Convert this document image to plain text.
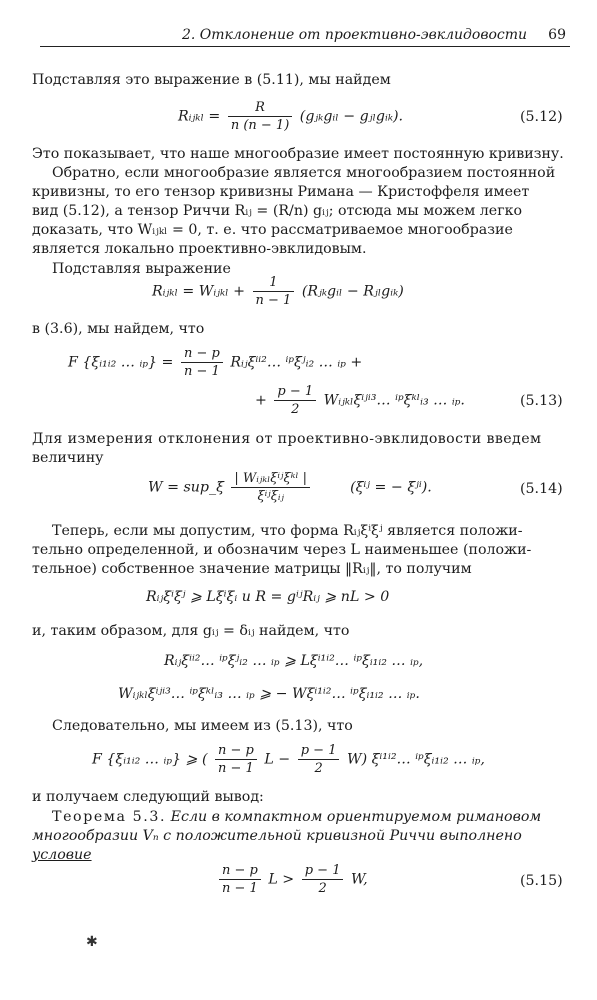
2. Отклонение от проективно-эвклидовости 69
Подставляя это выражение в (5.11), мы найдем
Rᵢⱼₖₗ = $\frac{R}{n (n - 1)}$ (gⱼₖgᵢₗ − gⱼₗgᵢₖ).	(5.12)
Это показывает, что наше многообразие имеет постоянную кривизну.
Обратно, если многообразие является многообразием постоянной
кривизны, то его тензор кривизны Римана — Кристоффеля имеет
вид (5.12), а тензор Риччи Rᵢⱼ = (R/n) gᵢⱼ; отсюда мы можем легко
доказать, что Wᵢⱼₖₗ = 0, т. е. что рассматриваемое многообразие
является локально проективно-эвклидовым.
Подставляя выражение
Rᵢⱼₖₗ = Wᵢⱼₖₗ + $\frac{1}{n - 1}$ (Rⱼₖgᵢₗ − Rⱼₗgᵢₖ)
в (3.6), мы найдем, что
F {ξᵢ₁ᵢ₂ … ᵢₚ} = $\frac{n - p}{n - 1}$ Rᵢⱼξⁱⁱ²… ⁱᵖξʲᵢ₂ … ᵢₚ +
+ $\frac{p - 1}{2}$ Wᵢⱼₖₗξⁱʲⁱ³… ⁱᵖξᵏˡᵢ₃ … ᵢₚ.	(5.13)
Для измерения отклонения от проективно-эвклидовости введем
величину
W = sup_ξ $\frac{\text{| Wᵢⱼₖₗξⁱʲξᵏˡ |}}{\text{ξⁱʲξᵢⱼ}}$	(ξⁱʲ = − ξʲⁱ).	(5.14)
Теперь, если мы допустим, что форма Rᵢⱼξⁱξʲ является положи-
тельно определенной, и обозначим через L наименьшее (положи-
тельное) собственное значение матрицы ‖Rᵢⱼ‖, то получим
Rᵢⱼξⁱξʲ ⩾ Lξⁱξᵢ и R = gⁱʲRᵢⱼ ⩾ nL > 0
и, таким образом, для gᵢⱼ = δᵢⱼ найдем, что
Rᵢⱼξⁱⁱ²… ⁱᵖξʲᵢ₂ … ᵢₚ ⩾ Lξⁱ¹ⁱ²… ⁱᵖξᵢ₁ᵢ₂ … ᵢₚ,
Wᵢⱼₖₗξⁱʲⁱ³… ⁱᵖξᵏˡᵢ₃ … ᵢₚ ⩾ − Wξⁱ¹ⁱ²… ⁱᵖξᵢ₁ᵢ₂ … ᵢₚ.
Следовательно, мы имеем из (5.13), что
F {ξᵢ₁ᵢ₂ … ᵢₚ} ⩾ ( $\frac{n - p}{n - 1}$ $L - \frac{p - 1}{2} W$) ξⁱ¹ⁱ²… ⁱᵖξᵢ₁ᵢ₂ … ᵢₚ,
и получаем следующий вывод:
Теорема 5.3. Если в компактном ориентируемом римановом
многообразии Vₙ с положительной кривизной Риччи выполнено
условие
$\frac{n - p}{n - 1}$ $L > \frac{p - 1}{2} W$,	(5.15)
✱
